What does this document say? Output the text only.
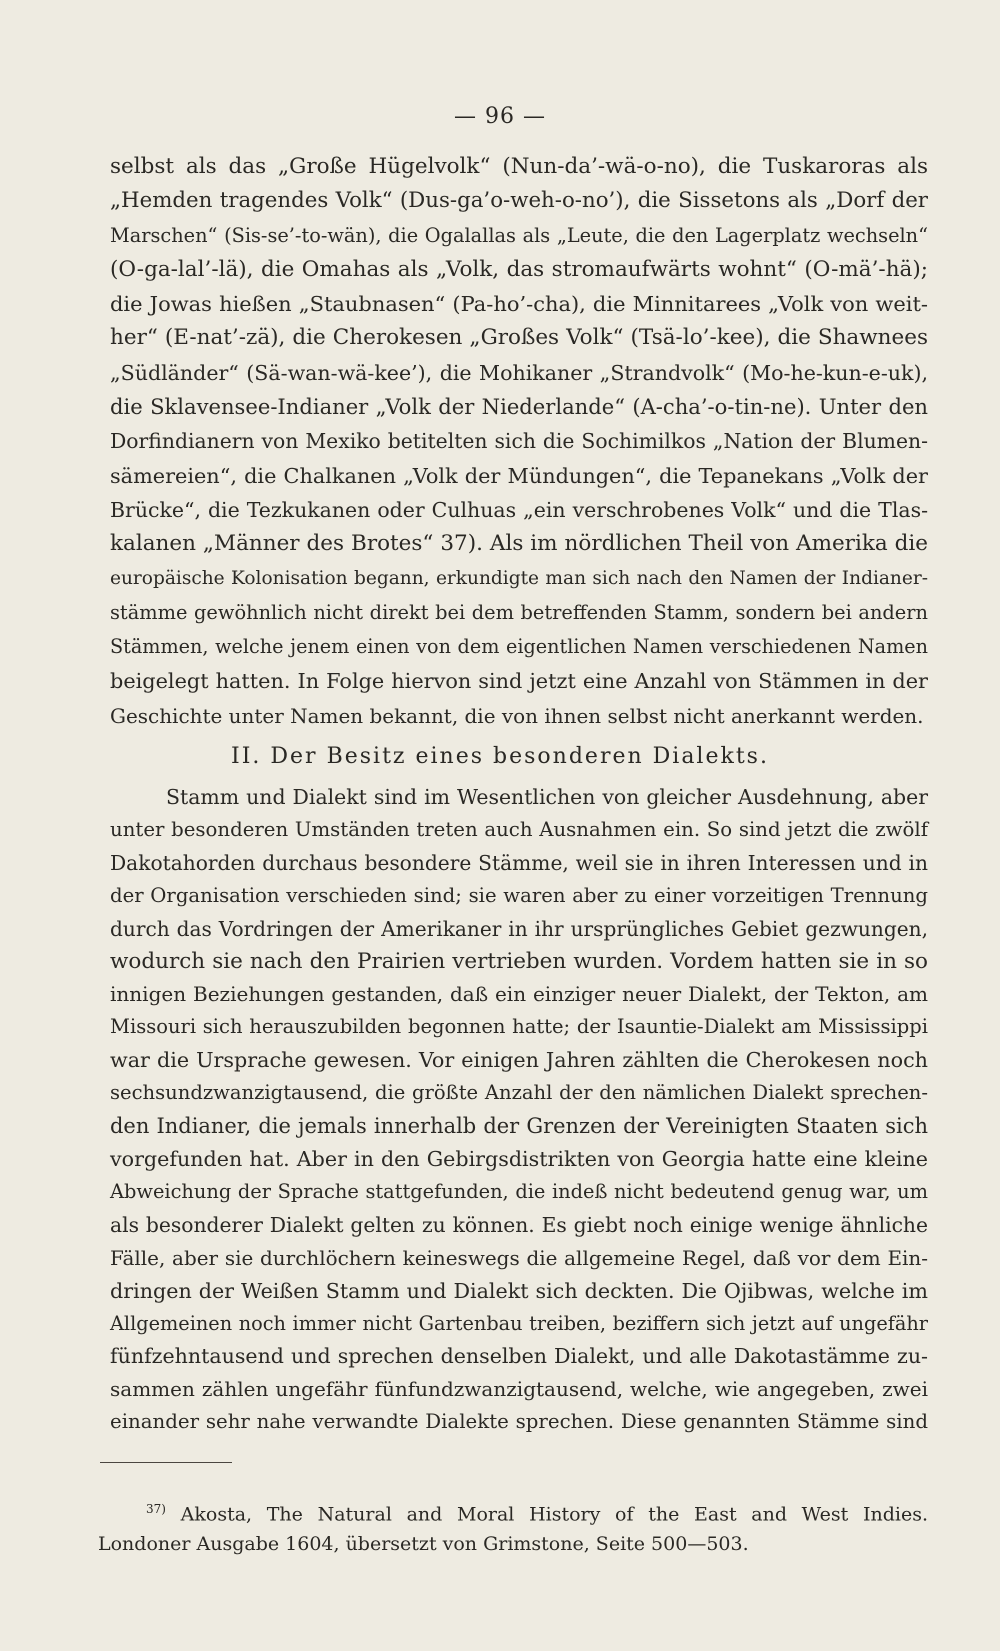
— 96 —
selbst als das „Große Hügelvolk“ (Nun-da’-wä-o-no), die Tuskaroras als
„Hemden tragendes Volk“ (Dus-ga’o-weh-o-no’), die Sissetons als „Dorf der
Marschen“ (Sis-se’-to-wän), die Ogalallas als „Leute, die den Lagerplatz wechseln“
(O-ga-lal’-lä), die Omahas als „Volk, das stromaufwärts wohnt“ (O-mä’-hä);
die Jowas hießen „Staubnasen“ (Pa-ho’-cha), die Minnitarees „Volk von weit-
her“ (E-nat’-zä), die Cherokesen „Großes Volk“ (Tsä-lo’-kee), die Shawnees
„Südländer“ (Sä-wan-wä-kee’), die Mohikaner „Strandvolk“ (Mo-he-kun-e-uk),
die Sklavensee-Indianer „Volk der Niederlande“ (A-cha’-o-tin-ne). Unter den
Dorfindianern von Mexiko betitelten sich die Sochimilkos „Nation der Blumen-
sämereien“, die Chalkanen „Volk der Mündungen“, die Tepanekans „Volk der
Brücke“, die Tezkukanen oder Culhuas „ein verschrobenes Volk“ und die Tlas-
kalanen „Männer des Brotes“ 37). Als im nördlichen Theil von Amerika die
europäische Kolonisation begann, erkundigte man sich nach den Namen der Indianer-
stämme gewöhnlich nicht direkt bei dem betreffenden Stamm, sondern bei andern
Stämmen, welche jenem einen von dem eigentlichen Namen verschiedenen Namen
beigelegt hatten. In Folge hiervon sind jetzt eine Anzahl von Stämmen in der
Geschichte unter Namen bekannt, die von ihnen selbst nicht anerkannt werden.
II. Der Besitz eines besonderen Dialekts.
Stamm und Dialekt sind im Wesentlichen von gleicher Ausdehnung, aber
unter besonderen Umständen treten auch Ausnahmen ein. So sind jetzt die zwölf
Dakotahorden durchaus besondere Stämme, weil sie in ihren Interessen und in
der Organisation verschieden sind; sie waren aber zu einer vorzeitigen Trennung
durch das Vordringen der Amerikaner in ihr ursprüngliches Gebiet gezwungen,
wodurch sie nach den Prairien vertrieben wurden. Vordem hatten sie in so
innigen Beziehungen gestanden, daß ein einziger neuer Dialekt, der Tekton, am
Missouri sich herauszubilden begonnen hatte; der Isauntie-Dialekt am Mississippi
war die Ursprache gewesen. Vor einigen Jahren zählten die Cherokesen noch
sechsundzwanzigtausend, die größte Anzahl der den nämlichen Dialekt sprechen-
den Indianer, die jemals innerhalb der Grenzen der Vereinigten Staaten sich
vorgefunden hat. Aber in den Gebirgsdistrikten von Georgia hatte eine kleine
Abweichung der Sprache stattgefunden, die indeß nicht bedeutend genug war, um
als besonderer Dialekt gelten zu können. Es giebt noch einige wenige ähnliche
Fälle, aber sie durchlöchern keineswegs die allgemeine Regel, daß vor dem Ein-
dringen der Weißen Stamm und Dialekt sich deckten. Die Ojibwas, welche im
Allgemeinen noch immer nicht Gartenbau treiben, beziffern sich jetzt auf ungefähr
fünfzehntausend und sprechen denselben Dialekt, und alle Dakotastämme zu-
sammen zählen ungefähr fünfundzwanzigtausend, welche, wie angegeben, zwei
einander sehr nahe verwandte Dialekte sprechen. Diese genannten Stämme sind
$^{37)}$ Akosta, The Natural and Moral History of the East and West Indies.
Londoner Ausgabe 1604, übersetzt von Grimstone, Seite 500—503.
